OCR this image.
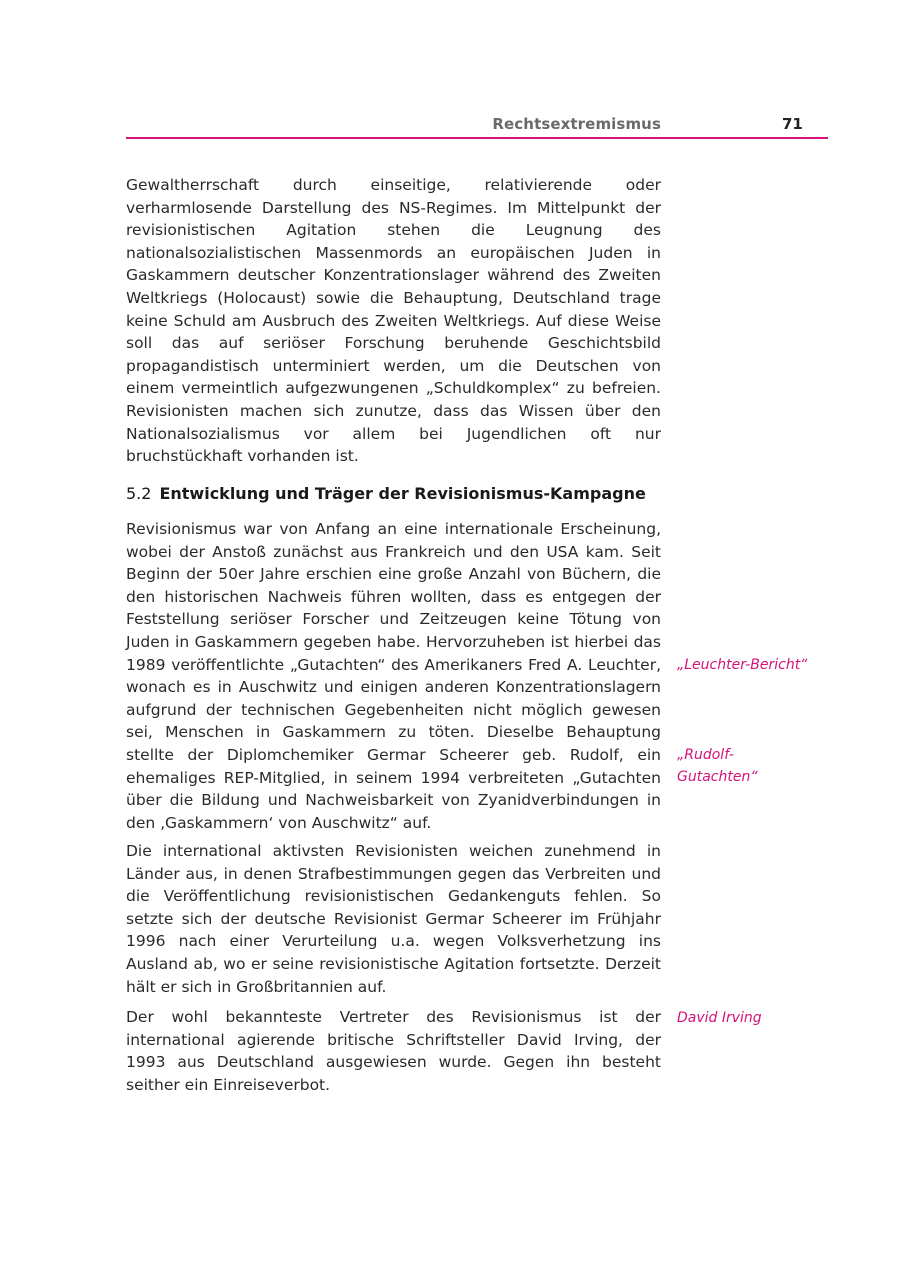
Rechtsextremismus	71

Gewaltherrschaft durch einseitige, relativierende oder verharmlosende Darstellung des NS-Regimes. Im Mittelpunkt der revisionistischen Agitation stehen die Leugnung des nationalsozialistischen Massenmords an europäischen Juden in Gaskammern deutscher Konzentrationslager während des Zweiten Weltkriegs (Holocaust) sowie die Behauptung, Deutschland trage keine Schuld am Ausbruch des Zweiten Weltkriegs. Auf diese Weise soll das auf seriöser Forschung beruhende Geschichtsbild propagandistisch unterminiert werden, um die Deutschen von einem vermeintlich aufgezwungenen „Schuldkomplex“ zu befreien. Revisionisten machen sich zunutze, dass das Wissen über den Nationalsozialismus vor allem bei Jugendlichen oft nur bruchstückhaft vorhanden ist.

5.2 Entwicklung und Träger der Revisionismus-Kampagne

Revisionismus war von Anfang an eine internationale Erscheinung, wobei der Anstoß zunächst aus Frankreich und den USA kam. Seit Beginn der 50er Jahre erschien eine große Anzahl von Büchern, die den historischen Nachweis führen wollten, dass es entgegen der Feststellung seriöser Forscher und Zeitzeugen keine Tötung von Juden in Gaskammern gegeben habe. Hervorzuheben ist hierbei das 1989 veröffentlichte „Gutachten“ des Amerikaners Fred A. Leuchter, wonach es in Auschwitz und einigen anderen Konzentrationslagern aufgrund der technischen Gegebenheiten nicht möglich gewesen sei, Menschen in Gaskammern zu töten. Dieselbe Behauptung stellte der Diplomchemiker Germar Scheerer geb. Rudolf, ein ehemaliges REP-Mitglied, in seinem 1994 verbreiteten „Gutachten über die Bildung und Nachweisbarkeit von Zyanidverbindungen in den ‚Gaskammern‘ von Auschwitz“ auf.

Die international aktivsten Revisionisten weichen zunehmend in Länder aus, in denen Strafbestimmungen gegen das Verbreiten und die Veröffentlichung revisionistischen Gedankenguts fehlen. So setzte sich der deutsche Revisionist Germar Scheerer im Frühjahr 1996 nach einer Verurteilung u.a. wegen Volksverhetzung ins Ausland ab, wo er seine revisionistische Agitation fortsetzte. Derzeit hält er sich in Großbritannien auf.

Der wohl bekannteste Vertreter des Revisionismus ist der international agierende britische Schriftsteller David Irving, der 1993 aus Deutschland ausgewiesen wurde. Gegen ihn besteht seither ein Einreiseverbot.

„Leuchter-Bericht“
„Rudolf-
Gutachten“
David Irving
